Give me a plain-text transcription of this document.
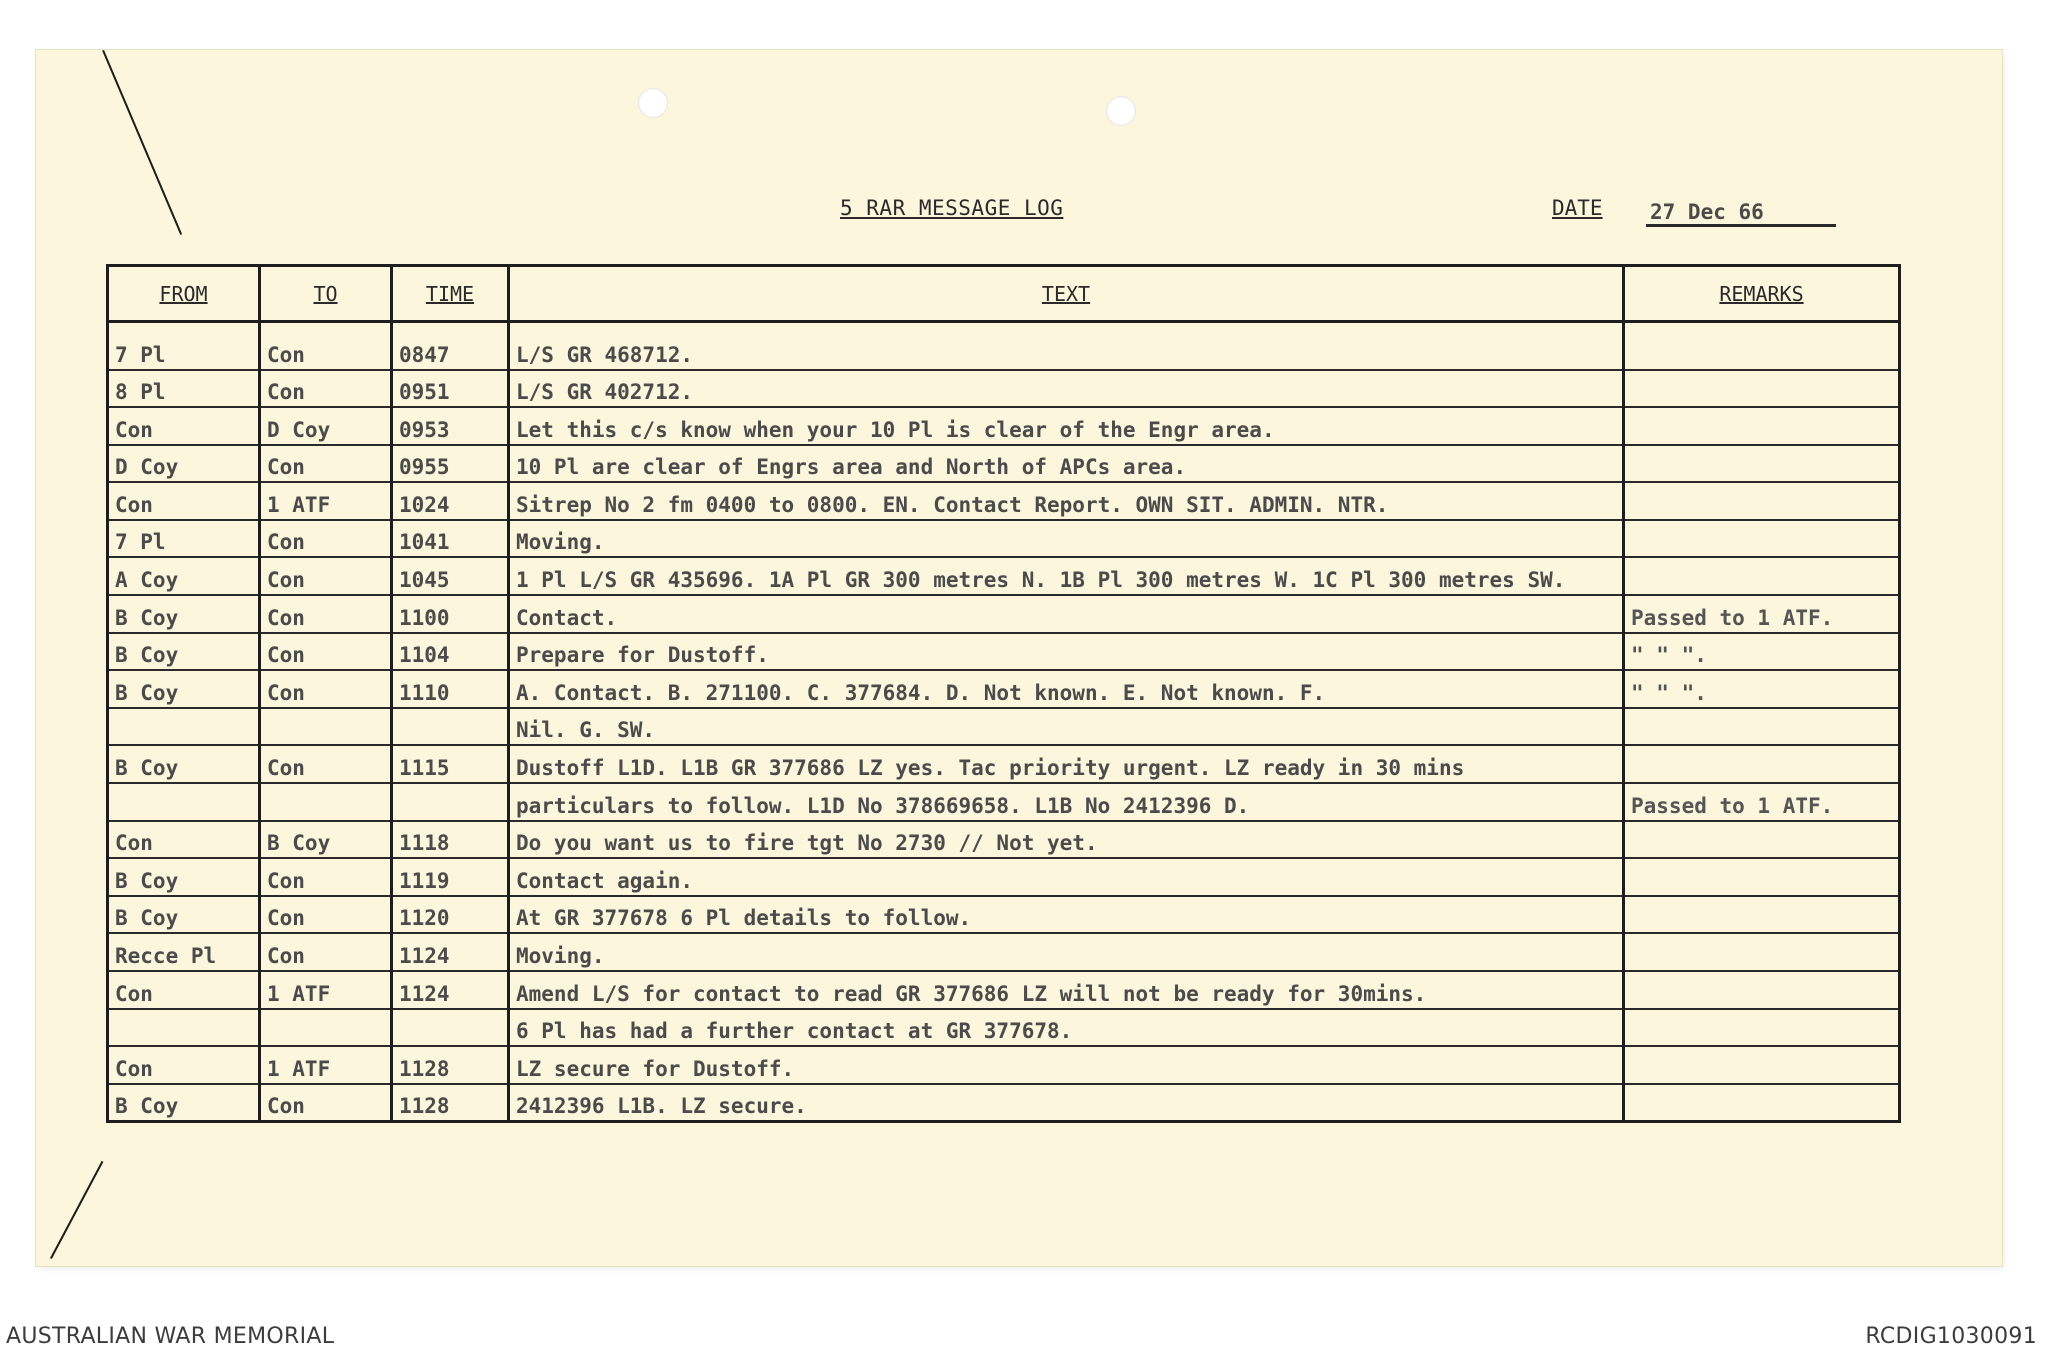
5 RAR MESSAGE LOG	DATE 27 Dec 66
FROM	TO	TIME	TEXT	REMARKS

7 Pl	Con	0847	L/S GR 468712.	
8 Pl	Con	0951	L/S GR 402712.	
Con	D Coy	0953	Let this c/s know when your 10 Pl is clear of the Engr area.	
D Coy	Con	0955	10 Pl are clear of Engrs area and North of APCs area.	
Con	1 ATF	1024	Sitrep No 2 fm 0400 to 0800. EN. Contact Report. OWN SIT. ADMIN. NTR.	
7 Pl	Con	1041	Moving.	
A Coy	Con	1045	1 Pl L/S GR 435696. 1A Pl GR 300 metres N. 1B Pl 300 metres W. 1C Pl 300 metres SW.	
B Coy	Con	1100	Contact.	Passed to 1 ATF.
B Coy	Con	1104	Prepare for Dustoff.	" " ".
B Coy	Con	1110	A. Contact. B. 271100. C. 377684. D. Not known. E. Not known. F.	" " ".
			Nil. G. SW.	
B Coy	Con	1115	Dustoff L1D. L1B GR 377686 LZ yes. Tac priority urgent. LZ ready in 30 mins	
			particulars to follow. L1D No 378669658. L1B No 2412396 D.	Passed to 1 ATF.
Con	B Coy	1118	Do you want us to fire tgt No 2730 // Not yet.	
B Coy	Con	1119	Contact again.	
B Coy	Con	1120	At GR 377678 6 Pl details to follow.	
Recce Pl	Con	1124	Moving.	
Con	1 ATF	1124	Amend L/S for contact to read GR 377686 LZ will not be ready for 30mins.	
			6 Pl has had a further contact at GR 377678.	
Con	1 ATF	1128	LZ secure for Dustoff.	
B Coy	Con	1128	2412396 L1B. LZ secure.	
AUSTRALIAN WAR MEMORIAL	RCDIG1030091
